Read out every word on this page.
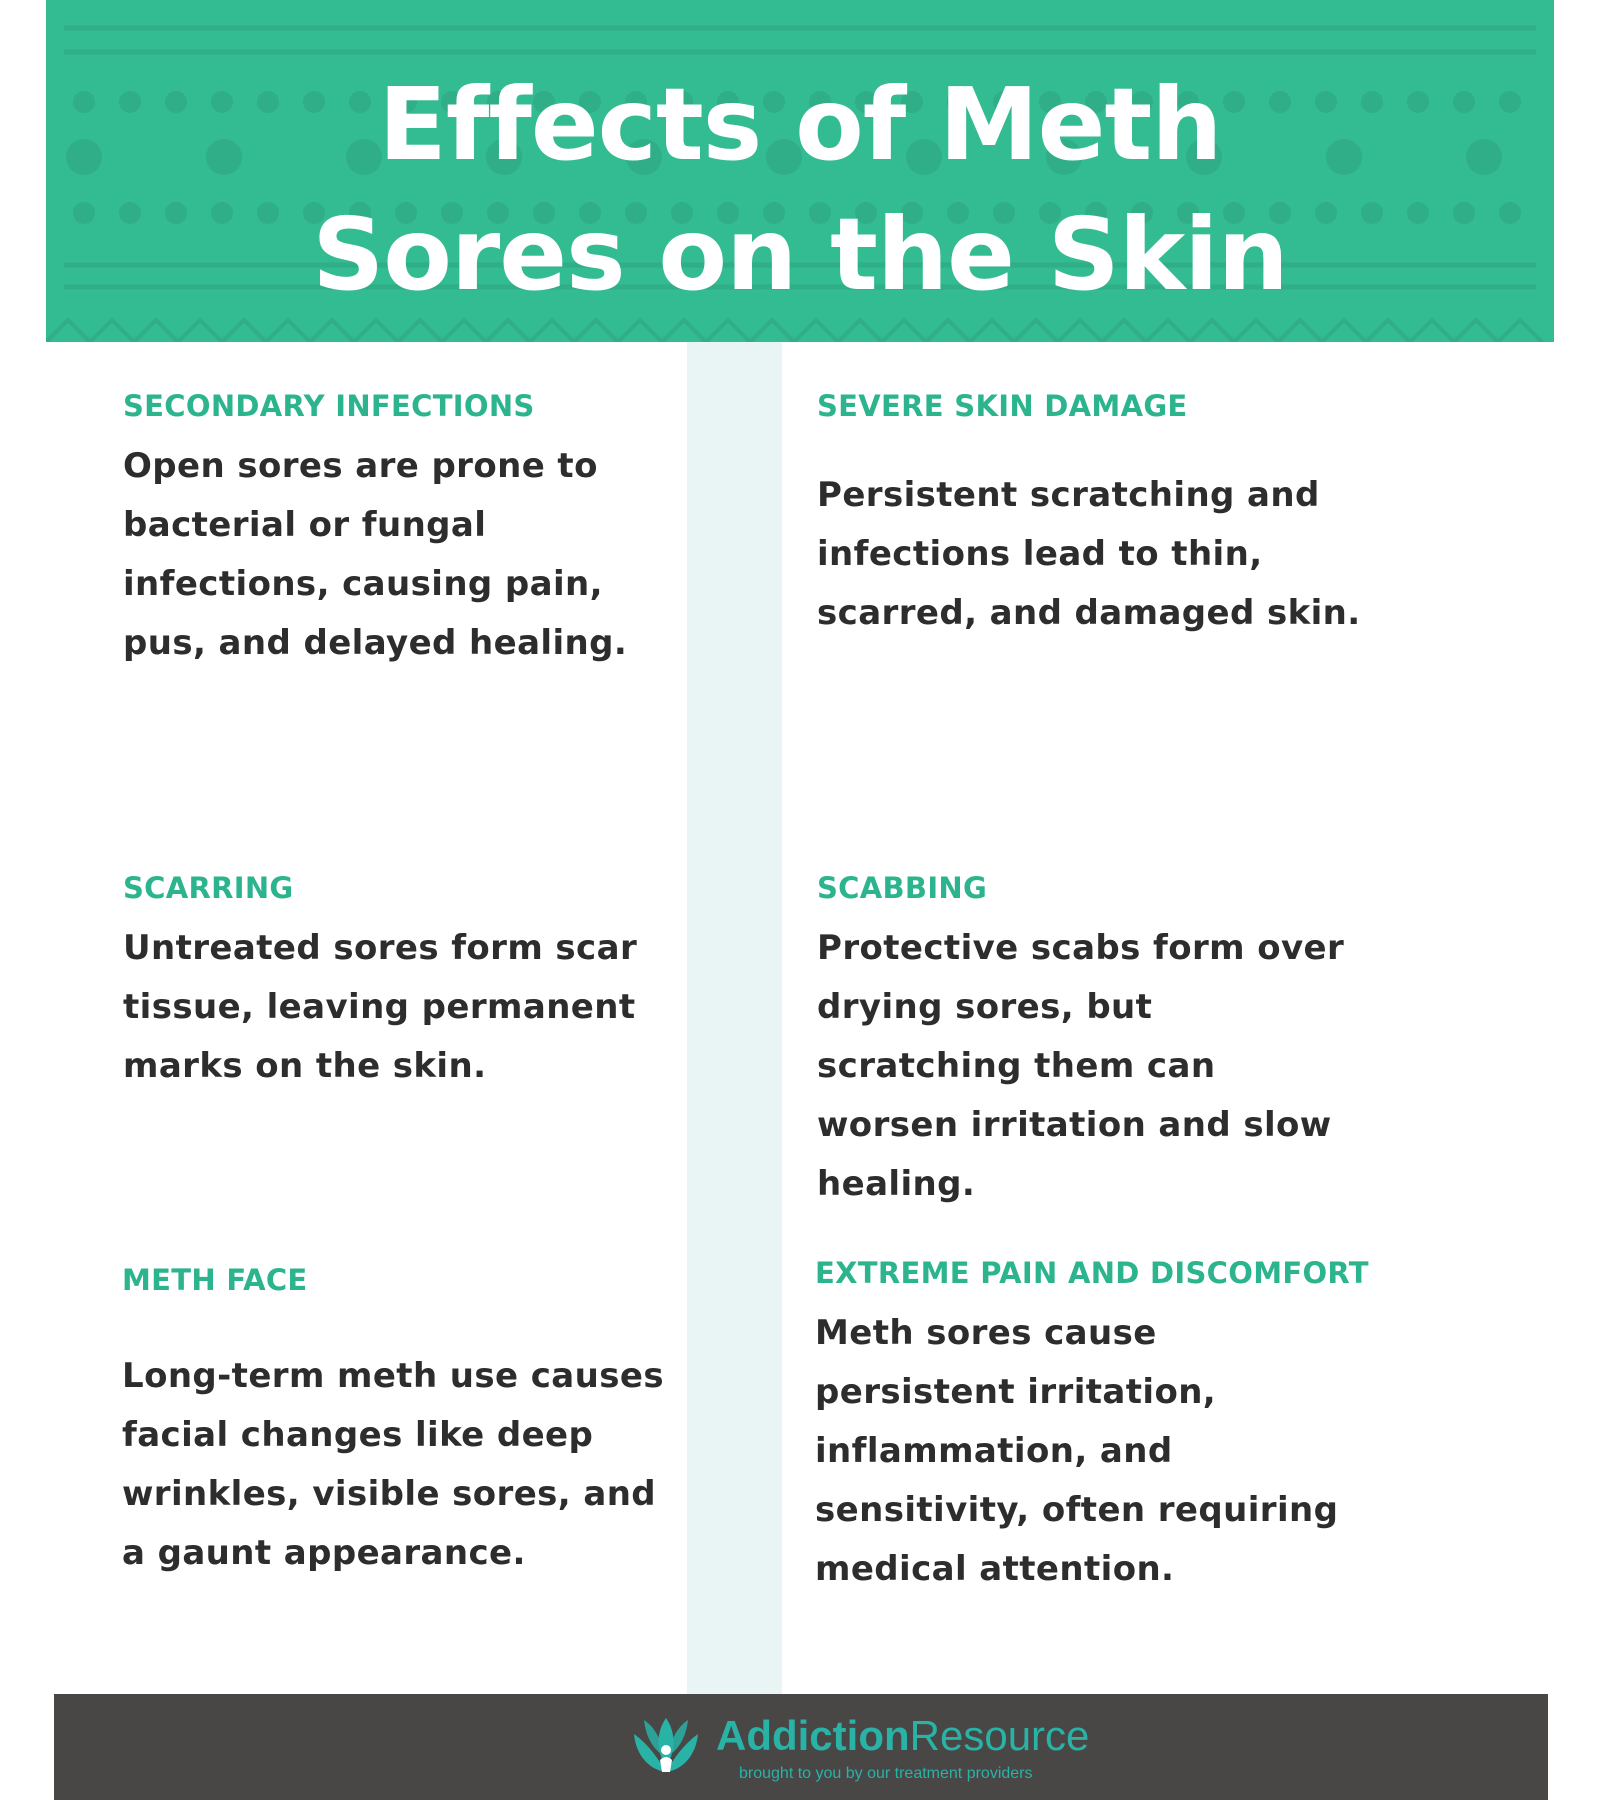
Effects of Meth
Sores on the Skin
SECONDARY INFECTIONS
Open sores are prone to bacterial or fungal infections, causing pain, pus, and delayed healing.
SEVERE SKIN DAMAGE
Persistent scratching and infections lead to thin, scarred, and damaged skin.
SCARRING
Untreated sores form scar tissue, leaving permanent marks on the skin.
SCABBING
Protective scabs form over drying sores, but scratching them can worsen irritation and slow healing.
METH FACE
Long-term meth use causes facial changes like deep wrinkles, visible sores, and a gaunt appearance.
EXTREME PAIN AND DISCOMFORT
Meth sores cause persistent irritation, inflammation, and sensitivity, often requiring medical attention.
AddictionResource
brought to you by our treatment providers
